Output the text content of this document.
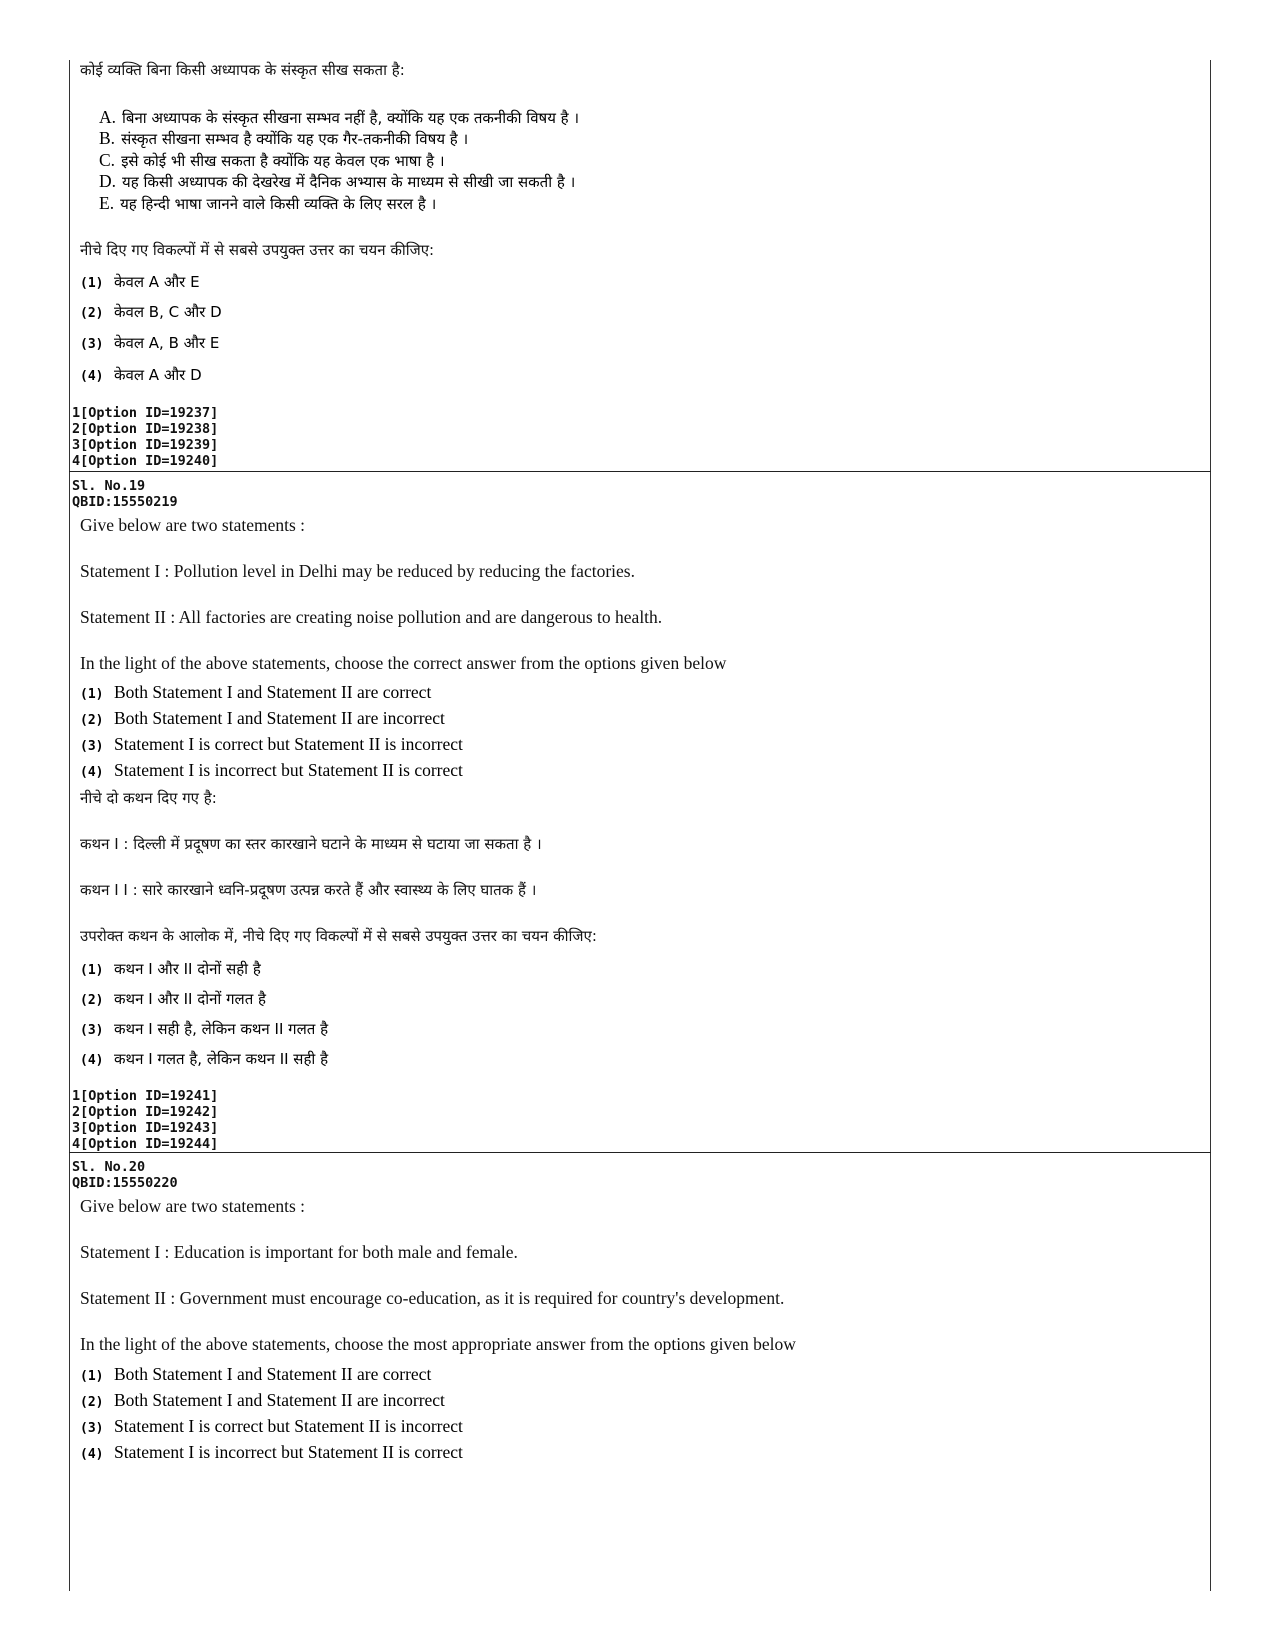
कोई व्यक्ति बिना किसी अध्यापक के संस्कृत सीख सकता है:
A. बिना अध्यापक के संस्कृत सीखना सम्भव नहीं है, क्योंकि यह एक तकनीकी विषय है ।
B. संस्कृत सीखना सम्भव है क्योंकि यह एक गैर-तकनीकी विषय है ।
C. इसे कोई भी सीख सकता है क्योंकि यह केवल एक भाषा है ।
D. यह किसी अध्यापक की देखरेख में दैनिक अभ्यास के माध्यम से सीखी जा सकती है ।
E. यह हिन्दी भाषा जानने वाले किसी व्यक्ति के लिए सरल है ।
नीचे दिए गए विकल्पों में से सबसे उपयुक्त उत्तर का चयन कीजिए:
(1) केवल A और E
(2) केवल B, C और D
(3) केवल A, B और E
(4) केवल A और D
1[Option ID=19237]
2[Option ID=19238]
3[Option ID=19239]
4[Option ID=19240]
Sl. No.19
QBID:15550219
Give below are two statements :
Statement I : Pollution level in Delhi may be reduced by reducing the factories.
Statement II : All factories are creating noise pollution and are dangerous to health.
In the light of the above statements, choose the correct answer from the options given below
(1) Both Statement I and Statement II are correct
(2) Both Statement I and Statement II are incorrect
(3) Statement I is correct but Statement II is incorrect
(4) Statement I is incorrect but Statement II is correct
नीचे दो कथन दिए गए है:
कथन I : दिल्ली में प्रदूषण का स्तर कारखाने घटाने के माध्यम से घटाया जा सकता है ।
कथन I I : सारे कारखाने ध्वनि-प्रदूषण उत्पन्न करते हैं और स्वास्थ्य के लिए घातक हैं ।
उपरोक्त कथन के आलोक में, नीचे दिए गए विकल्पों में से सबसे उपयुक्त उत्तर का चयन कीजिए:
(1) कथन I और II दोनों सही है
(2) कथन I और II दोनों गलत है
(3) कथन I सही है, लेकिन कथन II गलत है
(4) कथन I गलत है, लेकिन कथन II सही है
1[Option ID=19241]
2[Option ID=19242]
3[Option ID=19243]
4[Option ID=19244]
Sl. No.20
QBID:15550220
Give below are two statements :
Statement I : Education is important for both male and female.
Statement II : Government must encourage co-education, as it is required for country's development.
In the light of the above statements, choose the most appropriate answer from the options given below
(1) Both Statement I and Statement II are correct
(2) Both Statement I and Statement II are incorrect
(3) Statement I is correct but Statement II is incorrect
(4) Statement I is incorrect but Statement II is correct
